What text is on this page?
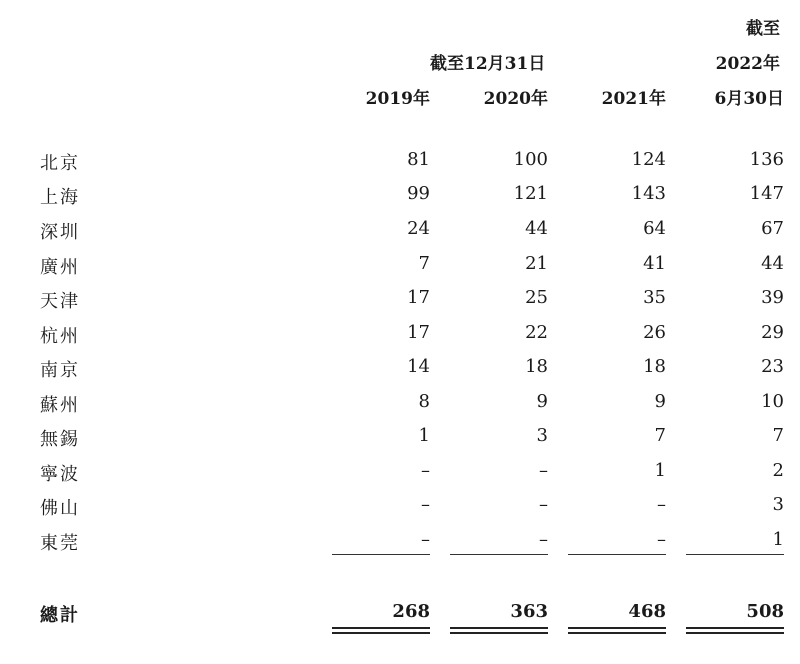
截至
截至12月31日	2022年
2019年	2020年	2021年	6月30日
北京	81	100	124	136
上海	99	121	143	147
深圳	24	44	64	67
廣州	7	21	41	44
天津	17	25	35	39
杭州	17	22	26	29
南京	14	18	18	23
蘇州	8	9	9	10
無錫	1	3	7	7
寧波	–	–	1	2
佛山	–	–	–	3
東莞	–	–	–	1
總計	268	363	468	508
